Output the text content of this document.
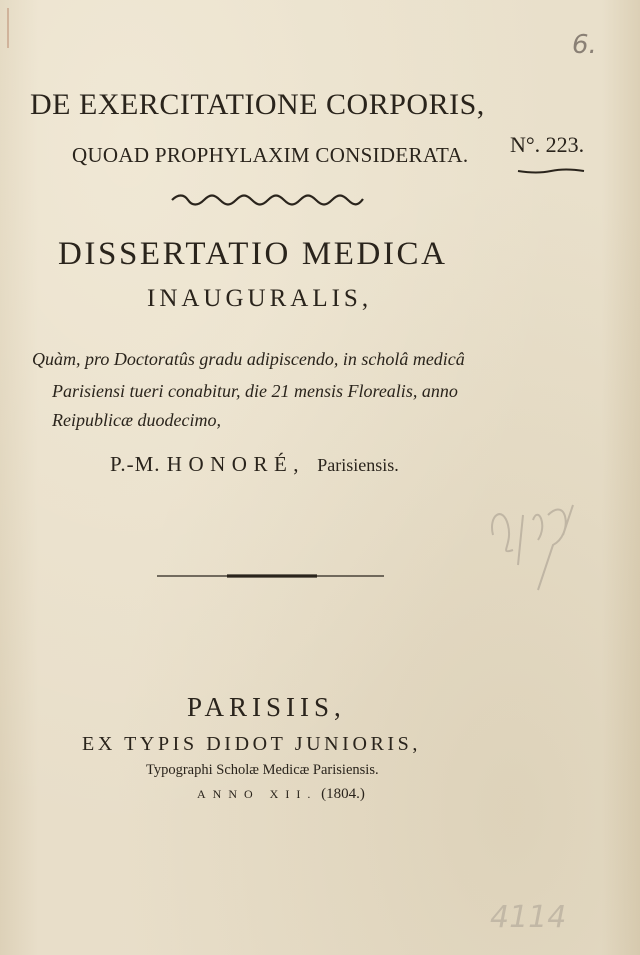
6.
DE EXERCITATIONE CORPORIS,
QUOAD PROPHYLAXIM CONSIDERATA. N°. 223.
DISSERTATIO MEDICA
INAUGURALIS,
Quàm, pro Doctoratûs gradu adipiscendo, in scholâ medicâ
Parisiensi tueri conabitur, die 21 mensis Florealis, anno
Reipublicæ duodecimo,
P.-M. HONORÉ, Parisiensis.
PARISIIS,
EX TYPIS DIDOT JUNIORIS,
Typographi Scholæ Medicæ Parisiensis.
ANNO XII. (1804.)
4114
